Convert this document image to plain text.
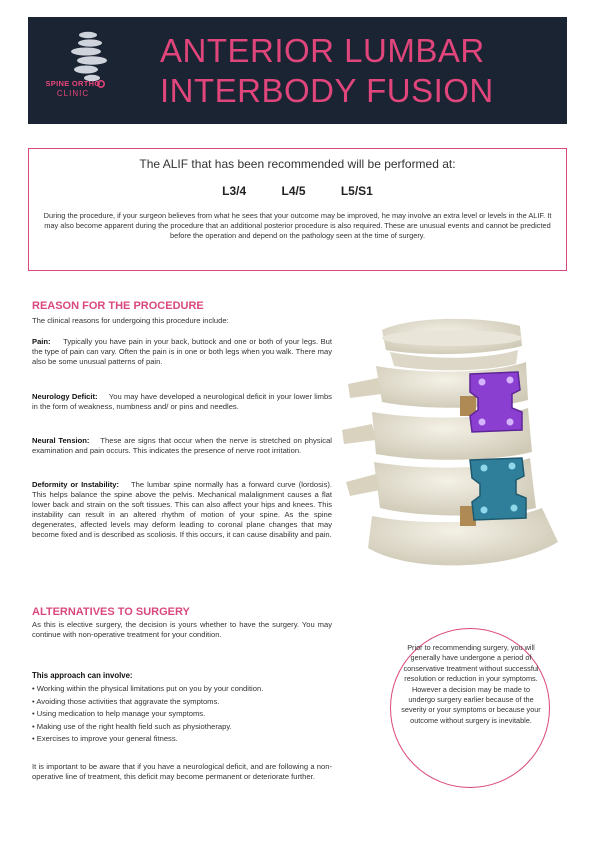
SPINE ORTHO
CLINIC
ANTERIOR LUMBAR INTERBODY FUSION
The ALIF that has been recommended will be performed at:
L3/4	L4/5	L5/S1
During the procedure, if your surgeon believes from what he sees that your outcome may be improved, he may involve an extra level or levels in the ALIF. It may also become apparent during the procedure that an additional posterior procedure is also required. These are unusual events and cannot be predicted before the operation and depend on the pathology seen at the time of surgery.
REASON FOR THE PROCEDURE
The clinical reasons for undergoing this procedure include:
Pain: Typically you have pain in your back, buttock and one or both of your legs. But the type of pain can vary. Often the pain is in one or both legs when you walk. There may also be some unusual patterns of pain.
Neurology Deficit: You may have developed a neurological deficit in your lower limbs in the form of weakness, numbness and/ or pins and needles.
Neural Tension: These are signs that occur when the nerve is stretched on physical examination and pain occurs. This indicates the presence of nerve root irritation.
Deformity or Instability: The lumbar spine normally has a forward curve (lordosis). This helps balance the spine above the pelvis. Mechanical malalignment causes a flat lower back and strain on the soft tissues. This can also affect your hips and knees. This instability can result in an altered rhythm of motion of your spine. As the spine degenerates, affected levels may deform leading to coronal plane changes that may become fixed and is described as scoliosis. If this occurs, it can cause disability and pain.
ALTERNATIVES TO SURGERY
As this is elective surgery, the decision is yours whether to have the surgery. You may continue with non-operative treatment for your condition.
This approach can involve:
• Working within the physical limitations put on you by your condition.
• Avoiding those activities that aggravate the symptoms.
• Using medication to help manage your symptoms.
• Making use of the right health field such as physiotherapy.
• Exercises to improve your general fitness.
It is important to be aware that if you have a neurological deficit, and are following a non-operative line of treatment, this deficit may become permanent or deteriorate further.
Prior to recommending surgery, you will generally have undergone a period of conservative treatment without successful resolution or reduction in your symptoms. However a decision may be made to undergo surgery earlier because of the severity or your symptoms or because your outcome without surgery is inevitable.
